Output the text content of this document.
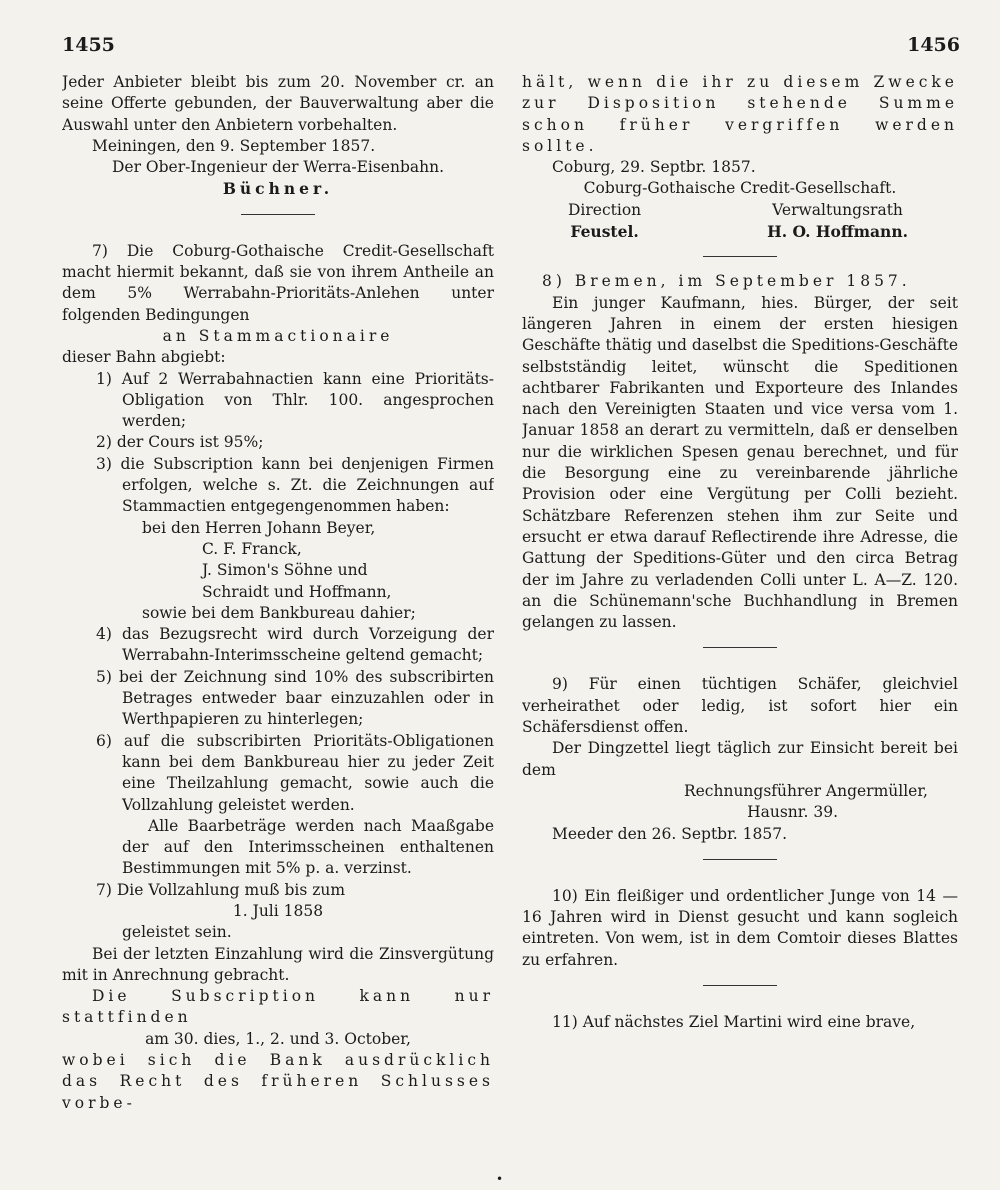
1455	1456

Jeder Anbieter bleibt bis zum 20. November cr. an seine Offerte gebunden, der Bauverwaltung aber die Auswahl unter den Anbietern vorbehalten.

Meiningen, den 9. September 1857.

Der Ober-Ingenieur der Werra-Eisenbahn.

Büchner.

7) Die Coburg-Gothaische Credit-Gesellschaft macht hiermit bekannt, daß sie von ihrem Antheile an dem 5% Werrabahn-Prioritäts-Anlehen unter folgenden Bedingungen

an Stammactionaire

dieser Bahn abgiebt:

1) Auf 2 Werrabahnactien kann eine Prioritäts-Obligation von Thlr. 100. angesprochen werden;
2) der Cours ist 95%;
3) die Subscription kann bei denjenigen Firmen erfolgen, welche s. Zt. die Zeichnungen auf Stammactien entgegengenommen haben:

bei den Herren Johann Beyer,

C. F. Franck,

J. Simon's Söhne und

Schraidt und Hoffmann,

sowie bei dem Bankbureau dahier;

4) das Bezugsrecht wird durch Vorzeigung der Werrabahn-Interimsscheine geltend gemacht;
5) bei der Zeichnung sind 10% des subscribirten Betrages entweder baar einzuzahlen oder in Werthpapieren zu hinterlegen;
6) auf die subscribirten Prioritäts-Obligationen kann bei dem Bankbureau hier zu jeder Zeit eine Theilzahlung gemacht, sowie auch die Vollzahlung geleistet werden.

Alle Baarbeträge werden nach Maaßgabe der auf den Interimsscheinen enthaltenen Bestimmungen mit 5% p. a. verzinst.

7) Die Vollzahlung muß bis zum

1. Juli 1858

geleistet sein.

Bei der letzten Einzahlung wird die Zinsvergütung mit in Anrechnung gebracht.

Die Subscription kann nur stattfinden

am 30. dies, 1., 2. und 3. October,

wobei sich die Bank ausdrücklich das Recht des früheren Schlusses vorbe-

hält, wenn die ihr zu diesem Zwecke zur Disposition stehende Summe schon früher vergriffen werden sollte.

Coburg, 29. Septbr. 1857.

Coburg-Gothaische Credit-Gesellschaft.

Direction

Feustel.

Verwaltungsrath

H. O. Hoffmann.

8) Bremen, im September 1857.

Ein junger Kaufmann, hies. Bürger, der seit längeren Jahren in einem der ersten hiesigen Geschäfte thätig und daselbst die Speditions-Geschäfte selbstständig leitet, wünscht die Speditionen achtbarer Fabrikanten und Exporteure des Inlandes nach den Vereinigten Staaten und vice versa vom 1. Januar 1858 an derart zu vermitteln, daß er denselben nur die wirklichen Spesen genau berechnet, und für die Besorgung eine zu vereinbarende jährliche Provision oder eine Vergütung per Colli bezieht. Schätzbare Referenzen stehen ihm zur Seite und ersucht er etwa darauf Reflectirende ihre Adresse, die Gattung der Speditions-Güter und den circa Betrag der im Jahre zu verladenden Colli unter L. A—Z. 120. an die Schünemann'sche Buchhandlung in Bremen gelangen zu lassen.

9) Für einen tüchtigen Schäfer, gleichviel verheirathet oder ledig, ist sofort hier ein Schäfersdienst offen.

Der Dingzettel liegt täglich zur Einsicht bereit bei dem

Rechnungsführer Angermüller,

Hausnr. 39.

Meeder den 26. Septbr. 1857.

10) Ein fleißiger und ordentlicher Junge von 14 — 16 Jahren wird in Dienst gesucht und kann sogleich eintreten. Von wem, ist in dem Comtoir dieses Blattes zu erfahren.

11) Auf nächstes Ziel Martini wird eine brave,

•
